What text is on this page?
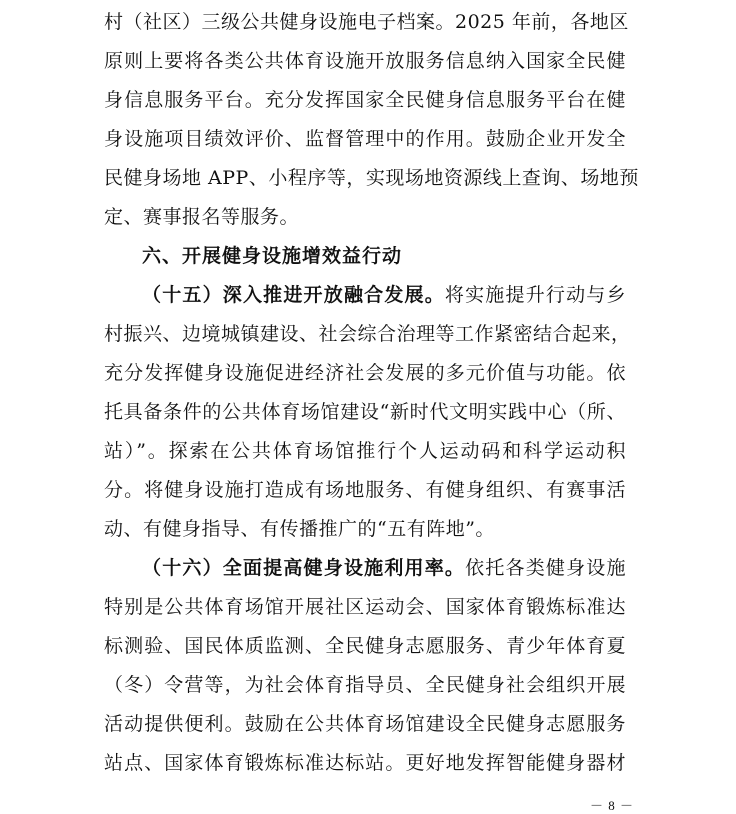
村（社区）三级公共健身设施电子档案。2025 年前，各地区
原则上要将各类公共体育设施开放服务信息纳入国家全民健
身信息服务平台。充分发挥国家全民健身信息服务平台在健
身设施项目绩效评价、监督管理中的作用。鼓励企业开发全
民健身场地 APP、小程序等，实现场地资源线上查询、场地预
定、赛事报名等服务。
六、开展健身设施增效益行动
（十五）深入推进开放融合发展。将实施提升行动与乡
村振兴、边境城镇建设、社会综合治理等工作紧密结合起来，
充分发挥健身设施促进经济社会发展的多元价值与功能。依
托具备条件的公共体育场馆建设“新时代文明实践中心（所、
站）”。探索在公共体育场馆推行个人运动码和科学运动积
分。将健身设施打造成有场地服务、有健身组织、有赛事活
动、有健身指导、有传播推广的“五有阵地”。
（十六）全面提高健身设施利用率。依托各类健身设施
特别是公共体育场馆开展社区运动会、国家体育锻炼标准达
标测验、国民体质监测、全民健身志愿服务、青少年体育夏
（冬）令营等，为社会体育指导员、全民健身社会组织开展
活动提供便利。鼓励在公共体育场馆建设全民健身志愿服务
站点、国家体育锻炼标准达标站。更好地发挥智能健身器材
－ 8 －
